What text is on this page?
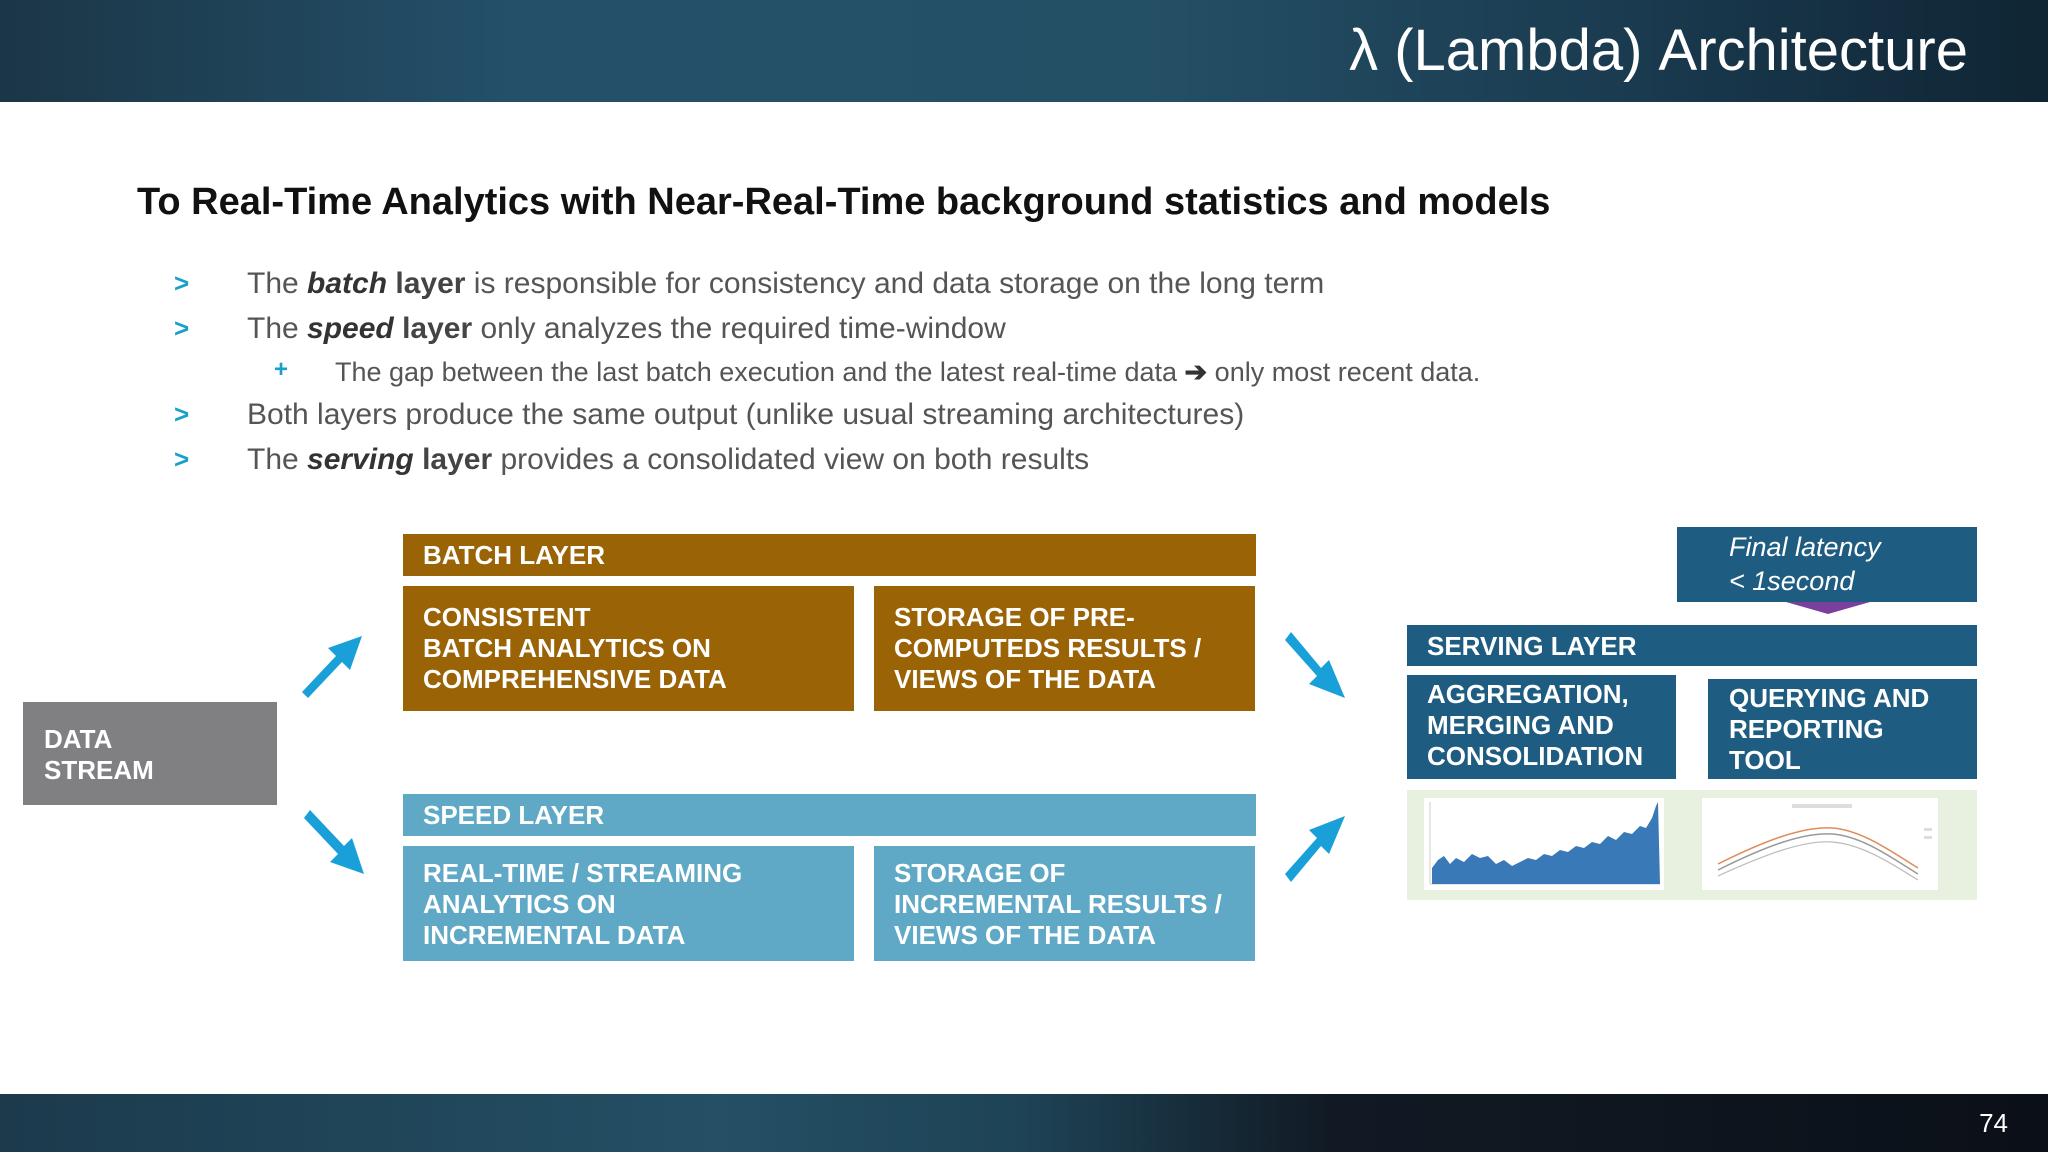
λ (Lambda) Architecture
To Real-Time Analytics with Near-Real-Time background statistics and models
> The batch layer is responsible for consistency and data storage on the long term
> The speed layer only analyzes the required time-window
+ The gap between the last batch execution and the latest real-time data ➔ only most recent data.
> Both layers produce the same output (unlike usual streaming architectures)
> The serving layer provides a consolidated view on both results
DATA
STREAM
BATCH LAYER
CONSISTENT
BATCH ANALYTICS ON
COMPREHENSIVE DATA
STORAGE OF PRE-
COMPUTEDS RESULTS /
VIEWS OF THE DATA
SPEED LAYER
REAL-TIME / STREAMING
ANALYTICS ON
INCREMENTAL DATA
STORAGE OF
INCREMENTAL RESULTS /
VIEWS OF THE DATA
Final latency
< 1second
SERVING LAYER
AGGREGATION,
MERGING AND
CONSOLIDATION
QUERYING AND
REPORTING
TOOL
74
